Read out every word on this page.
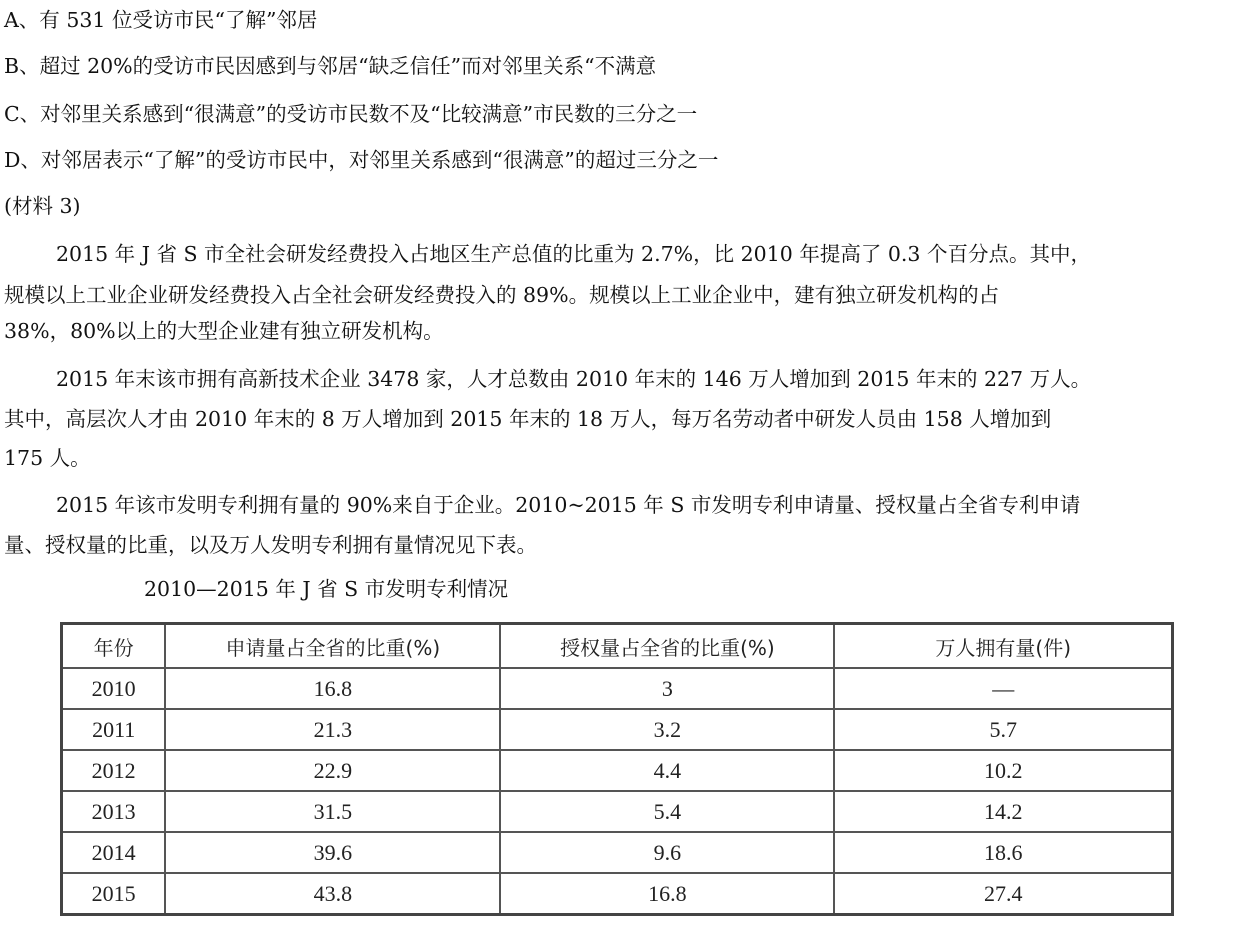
A、有 531 位受访市民“了解”邻居
B、超过 20%的受访市民因感到与邻居“缺乏信任”而对邻里关系“不满意
C、对邻里关系感到“很满意”的受访市民数不及“比较满意”市民数的三分之一
D、对邻居表示“了解”的受访市民中，对邻里关系感到“很满意”的超过三分之一
(材料 3)
2015 年 J 省 S 市全社会研发经费投入占地区生产总值的比重为 2.7%，比 2010 年提高了 0.3 个百分点。其中，
规模以上工业企业研发经费投入占全社会研发经费投入的 89%。规模以上工业企业中，建有独立研发机构的占
38%，80%以上的大型企业建有独立研发机构。
2015 年末该市拥有高新技术企业 3478 家，人才总数由 2010 年末的 146 万人增加到 2015 年末的 227 万人。
其中，高层次人才由 2010 年末的 8 万人增加到 2015 年末的 18 万人，每万名劳动者中研发人员由 158 人增加到
175 人。
2015 年该市发明专利拥有量的 90%来自于企业。2010~2015 年 S 市发明专利申请量、授权量占全省专利申请
量、授权量的比重，以及万人发明专利拥有量情况见下表。
2010—2015 年 J 省 S 市发明专利情况
年份	申请量占全省的比重(%)	授权量占全省的比重(%)	万人拥有量(件)
2010	16.8	3	—
2011	21.3	3.2	5.7
2012	22.9	4.4	10.2
2013	31.5	5.4	14.2
2014	39.6	9.6	18.6
2015	43.8	16.8	27.4
